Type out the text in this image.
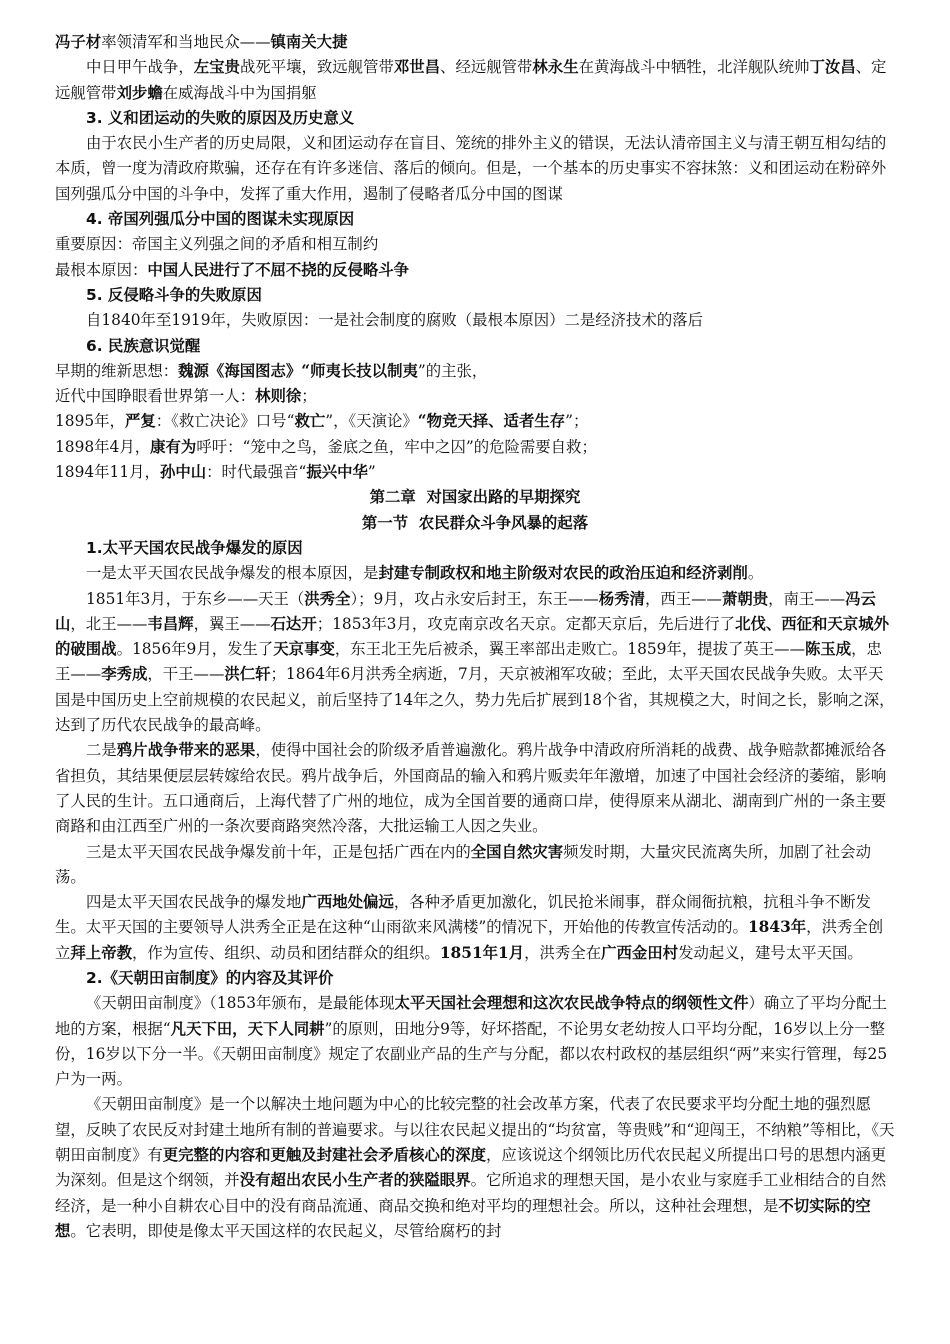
冯子材率领清军和当地民众——镇南关大捷

中日甲午战争，左宝贵战死平壤，致远舰管带邓世昌、经远舰管带林永生在黄海战斗中牺牲，北洋舰队统帅丁汝昌、定远舰管带刘步蟾在威海战斗中为国捐躯

3. 义和团运动的失败的原因及历史意义

由于农民小生产者的历史局限，义和团运动存在盲目、笼统的排外主义的错误，无法认清帝国主义与清王朝互相勾结的本质，曾一度为清政府欺骗，还存在有许多迷信、落后的倾向。但是，一个基本的历史事实不容抹煞：义和团运动在粉碎外国列强瓜分中国的斗争中，发挥了重大作用，遏制了侵略者瓜分中国的图谋

4. 帝国列强瓜分中国的图谋未实现原因

重要原因：帝国主义列强之间的矛盾和相互制约

最根本原因：中国人民进行了不屈不挠的反侵略斗争

5. 反侵略斗争的失败原因

自1840年至1919年，失败原因：一是社会制度的腐败（最根本原因）二是经济技术的落后

6. 民族意识觉醒

早期的维新思想：魏源《海国图志》“师夷长技以制夷”的主张，

近代中国睁眼看世界第一人：林则徐；

1895年，严复：《救亡决论》口号“救亡”，《天演论》“物竞天择、适者生存”；

1898年4月，康有为呼吁：“笼中之鸟，釜底之鱼，牢中之囚”的危险需要自救；

1894年11月，孙中山：时代最强音“振兴中华”

第二章  对国家出路的早期探究

第一节  农民群众斗争风暴的起落

1.太平天国农民战争爆发的原因

一是太平天国农民战争爆发的根本原因，是封建专制政权和地主阶级对农民的政治压迫和经济剥削。

1851年3月，于东乡——天王（洪秀全）；9月，攻占永安后封王，东王——杨秀清，西王——萧朝贵，南王——冯云山，北王——韦昌辉，翼王——石达开；1853年3月，攻克南京改名天京。定都天京后，先后进行了北伐、西征和天京城外的破围战。1856年9月，发生了天京事变，东王北王先后被杀，翼王率部出走败亡。1859年，提拔了英王——陈玉成，忠王——李秀成，干王——洪仁轩；1864年6月洪秀全病逝，7月，天京被湘军攻破；至此，太平天国农民战争失败。太平天国是中国历史上空前规模的农民起义，前后坚持了14年之久，势力先后扩展到18个省，其规模之大，时间之长，影响之深，达到了历代农民战争的最高峰。

二是鸦片战争带来的恶果，使得中国社会的阶级矛盾普遍激化。鸦片战争中清政府所消耗的战费、战争赔款都摊派给各省担负，其结果便层层转嫁给农民。鸦片战争后，外国商品的输入和鸦片贩卖年年激增，加速了中国社会经济的萎缩，影响了人民的生计。五口通商后，上海代替了广州的地位，成为全国首要的通商口岸，使得原来从湖北、湖南到广州的一条主要商路和由江西至广州的一条次要商路突然冷落，大批运输工人因之失业。

三是太平天国农民战争爆发前十年，正是包括广西在内的全国自然灾害频发时期，大量灾民流离失所，加剧了社会动荡。

四是太平天国农民战争的爆发地广西地处偏远，各种矛盾更加激化，饥民抢米闹事，群众闹衙抗粮，抗租斗争不断发生。太平天国的主要领导人洪秀全正是在这种“山雨欲来风满楼”的情况下，开始他的传教宣传活动的。1843年，洪秀全创立拜上帝教，作为宣传、组织、动员和团结群众的组织。1851年1月，洪秀全在广西金田村发动起义，建号太平天国。

2.《天朝田亩制度》的内容及其评价

《天朝田亩制度》（1853年颁布，是最能体现太平天国社会理想和这次农民战争特点的纲领性文件）确立了平均分配土地的方案，根据“凡天下田，天下人同耕”的原则，田地分9等，好坏搭配，不论男女老幼按人口平均分配，16岁以上分一整份，16岁以下分一半。《天朝田亩制度》规定了农副业产品的生产与分配，都以农村政权的基层组织“两”来实行管理，每25户为一两。

《天朝田亩制度》是一个以解决土地问题为中心的比较完整的社会改革方案，代表了农民要求平均分配土地的强烈愿望，反映了农民反对封建土地所有制的普遍要求。与以往农民起义提出的“均贫富，等贵贱”和“迎闯王，不纳粮”等相比，《天朝田亩制度》有更完整的内容和更触及封建社会矛盾核心的深度，应该说这个纲领比历代农民起义所提出口号的思想内涵更为深刻。但是这个纲领，并没有超出农民小生产者的狭隘眼界。它所追求的理想天国，是小农业与家庭手工业相结合的自然经济，是一种小自耕农心目中的没有商品流通、商品交换和绝对平均的理想社会。所以，这种社会理想，是不切实际的空想。它表明，即使是像太平天国这样的农民起义，尽管给腐朽的封
